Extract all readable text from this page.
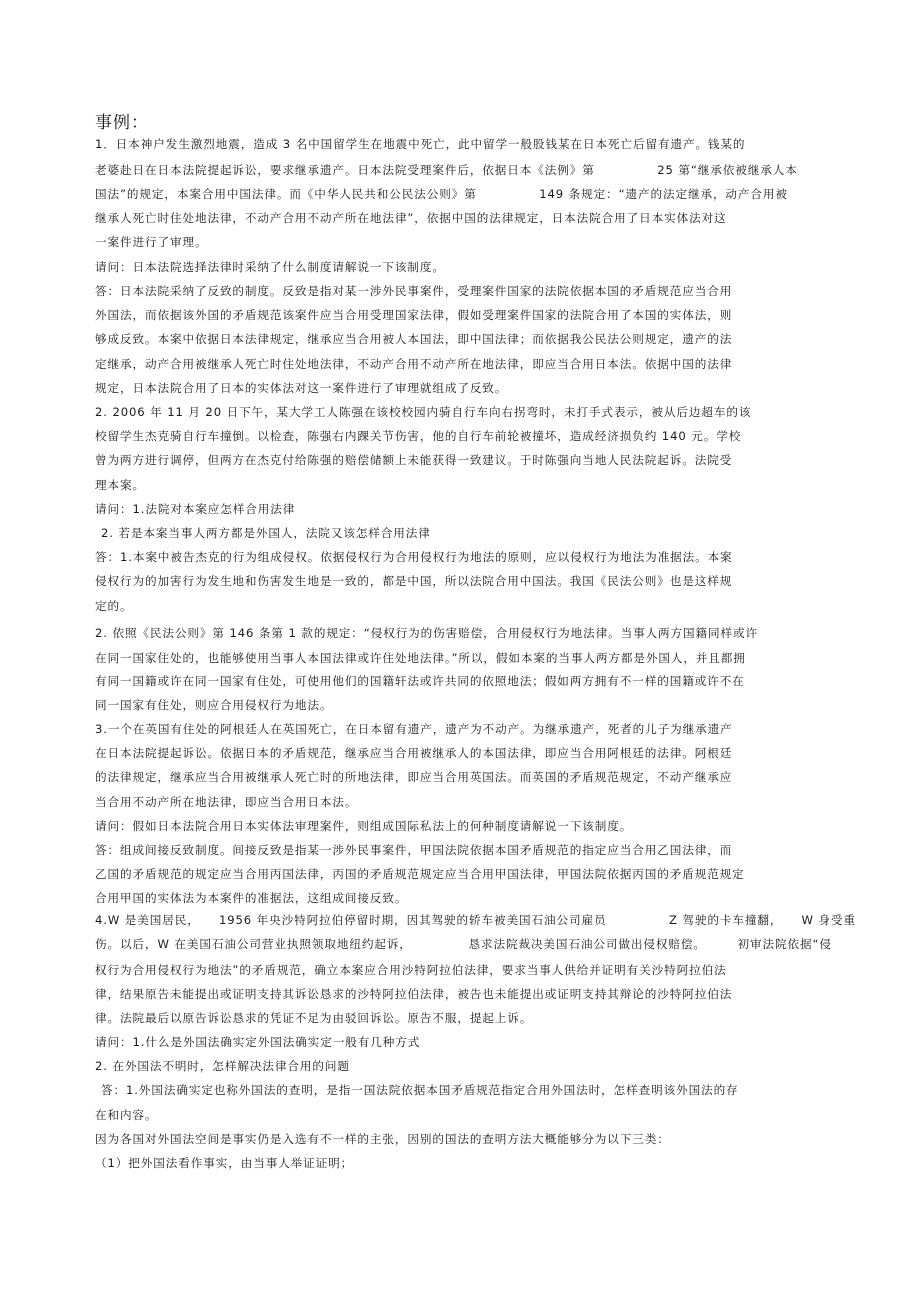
事例：
1．日本神户发生激烈地震，造成 3 名中国留学生在地震中死亡，此中留学一般股钱某在日本死亡后留有遗产。钱某的
老婆赴日在日本法院提起诉讼，要求继承遗产。日本法院受理案件后，依据日本《法例》第　　　　　25 第“继承依被继承人本
国法”的规定，本案合用中国法律。而《中华人民共和公民法公则》第　　　　　149 条规定：“遗产的法定继承，动产合用被
继承人死亡时住处地法律，不动产合用不动产所在地法律”，依据中国的法律规定，日本法院合用了日本实体法对这
一案件进行了审理。
请问：日本法院选择法律时采纳了什么制度请解说一下该制度。
答：日本法院采纳了反致的制度。反致是指对某一涉外民事案件，受理案件国家的法院依据本国的矛盾规范应当合用
外国法，而依据该外国的矛盾规范该案件应当合用受理国家法律，假如受理案件国家的法院合用了本国的实体法，则
够成反致。本案中依据日本法律规定，继承应当合用被人本国法，即中国法律；而依据我公民法公则规定，遗产的法
定继承，动产合用被继承人死亡时住处地法律，不动产合用不动产所在地法律，即应当合用日本法。依据中国的法律
规定，日本法院合用了日本的实体法对这一案件进行了审理就组成了反致。
2. 2006 年 11 月 20 日下午，某大学工人陈强在该校校园内骑自行车向右拐弯时，未打手式表示，被从后边超车的该
校留学生杰克骑自行车撞倒。以检查，陈强右内踝关节伤害，他的自行车前轮被撞坏，造成经济损负约 140 元。学校
曾为两方进行调停，但两方在杰克付给陈强的赔偿储额上未能获得一致建议。于时陈强向当地人民法院起诉。法院受
理本案。
请问：1.法院对本案应怎样合用法律
2. 若是本案当事人两方都是外国人，法院又该怎样合用法律
答：1.本案中被告杰克的行为组成侵权。依据侵权行为合用侵权行为地法的原则，应以侵权行为地法为准据法。本案
侵权行为的加害行为发生地和伤害发生地是一致的，都是中国，所以法院合用中国法。我国《民法公则》也是这样规
定的。
2. 依照《民法公则》第 146 条第 1 款的规定：“侵权行为的伤害赔偿，合用侵权行为地法律。当事人两方国籍同样或许
在同一国家住处的，也能够使用当事人本国法律或许住处地法律。”所以，假如本案的当事人两方都是外国人，并且都拥
有同一国籍或许在同一国家有住处，可使用他们的国籍轩法或许共同的依照地法；假如两方拥有不一样的国籍或许不在
同一国家有住处，则应合用侵权行为地法。
3.一个在英国有住处的阿根廷人在英国死亡，在日本留有遗产，遗产为不动产。为继承遗产，死者的儿子为继承遗产
在日本法院提起诉讼。依据日本的矛盾规范，继承应当合用被继承人的本国法律，即应当合用阿根廷的法律。阿根廷
的法律规定，继承应当合用被继承人死亡时的所地法律，即应当合用英国法。而英国的矛盾规范规定，不动产继承应
当合用不动产所在地法律，即应当合用日本法。
请问：假如日本法院合用日本实体法审理案件，则组成国际私法上的何种制度请解说一下该制度。
答：组成间接反致制度。间接反致是指某一涉外民事案件，甲国法院依据本国矛盾规范的指定应当合用乙国法律，而
乙国的矛盾规范的规定应当合用丙国法律，丙国的矛盾规范规定应当合用甲国法律，甲国法院依据丙国的矛盾规范规定
合用甲国的实体法为本案件的准据法，这组成间接反致。
4.W 是美国居民，　　1956 年央沙特阿拉伯停留时期，因其驾驶的轿车被美国石油公司雇员　　　　　Z 驾驶的卡车撞翻，　　W 身受重
伤。以后，W 在美国石油公司营业执照领取地纽约起诉，　　　　　恳求法院裁决美国石油公司做出侵权赔偿。　　　初审法院依据“侵
权行为合用侵权行为地法”的矛盾规范，确立本案应合用沙特阿拉伯法律，要求当事人供给并证明有关沙特阿拉伯法
律，结果原告未能提出或证明支持其诉讼恳求的沙特阿拉伯法律，被告也未能提出或证明支持其辩论的沙特阿拉伯法
律。法院最后以原告诉讼恳求的凭证不足为由驳回诉讼。原告不服，提起上诉。
请问：1.什么是外国法确实定外国法确实定一般有几种方式
2. 在外国法不明时，怎样解决法律合用的问题
答：1.外国法确实定也称外国法的查明，是指一国法院依据本国矛盾规范指定合用外国法时，怎样查明该外国法的存
在和内容。
因为各国对外国法空间是事实仍是入选有不一样的主张，因别的国法的查明方法大概能够分为以下三类：
（1）把外国法看作事实，由当事人举证证明；
